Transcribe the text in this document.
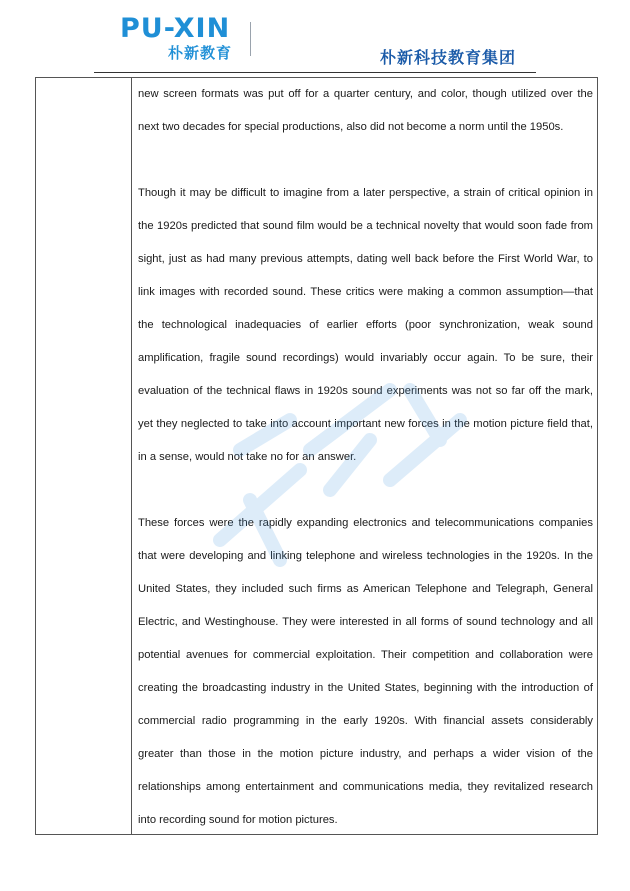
PU-XIN
朴新教育	朴新科技教育集团

new screen formats was put off for a quarter century, and color, though utilized over the next two decades for special productions, also did not become a norm until the 1950s.

Though it may be difficult to imagine from a later perspective, a strain of critical opinion in the 1920s predicted that sound film would be a technical novelty that would soon fade from sight, just as had many previous attempts, dating well back before the First World War, to link images with recorded sound. These critics were making a common assumption—that the technological inadequacies of earlier efforts (poor synchronization, weak sound amplification, fragile sound recordings) would invariably occur again. To be sure, their evaluation of the technical flaws in 1920s sound experiments was not so far off the mark, yet they neglected to take into account important new forces in the motion picture field that, in a sense, would not take no for an answer.

These forces were the rapidly expanding electronics and telecommunications companies that were developing and linking telephone and wireless technologies in the 1920s. In the United States, they included such firms as American Telephone and Telegraph, General Electric, and Westinghouse. They were interested in all forms of sound technology and all potential avenues for commercial exploitation. Their competition and collaboration were creating the broadcasting industry in the United States, beginning with the introduction of commercial radio programming in the early 1920s. With financial assets considerably greater than those in the motion picture industry, and perhaps a wider vision of the relationships among entertainment and communications media, they revitalized research into recording sound for motion pictures.
